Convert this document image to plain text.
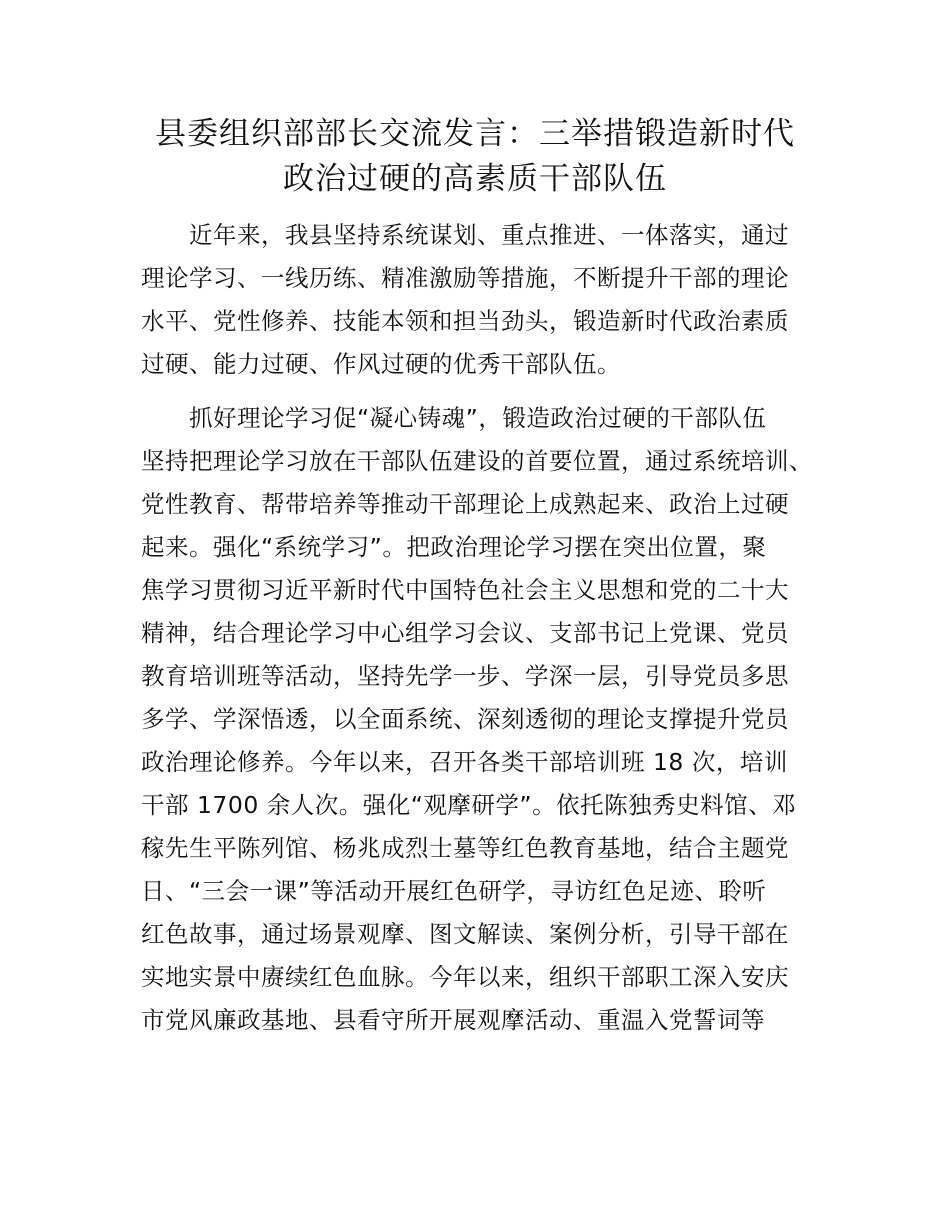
县委组织部部长交流发言：三举措锻造新时代
政治过硬的高素质干部队伍
近年来，我县坚持系统谋划、重点推进、一体落实，通过
理论学习、一线历练、精准激励等措施，不断提升干部的理论
水平、党性修养、技能本领和担当劲头，锻造新时代政治素质
过硬、能力过硬、作风过硬的优秀干部队伍。
抓好理论学习促“凝心铸魂”，锻造政治过硬的干部队伍
坚持把理论学习放在干部队伍建设的首要位置，通过系统培训、
党性教育、帮带培养等推动干部理论上成熟起来、政治上过硬
起来。强化“系统学习”。把政治理论学习摆在突出位置，聚
焦学习贯彻习近平新时代中国特色社会主义思想和党的二十大
精神，结合理论学习中心组学习会议、支部书记上党课、党员
教育培训班等活动，坚持先学一步、学深一层，引导党员多思
多学、学深悟透，以全面系统、深刻透彻的理论支撑提升党员
政治理论修养。今年以来，召开各类干部培训班 18 次，培训
干部 1700 余人次。强化“观摩研学”。依托陈独秀史料馆、邓
稼先生平陈列馆、杨兆成烈士墓等红色教育基地，结合主题党
日、“三会一课”等活动开展红色研学，寻访红色足迹、聆听
红色故事，通过场景观摩、图文解读、案例分析，引导干部在
实地实景中赓续红色血脉。今年以来，组织干部职工深入安庆
市党风廉政基地、县看守所开展观摩活动、重温入党誓词等
